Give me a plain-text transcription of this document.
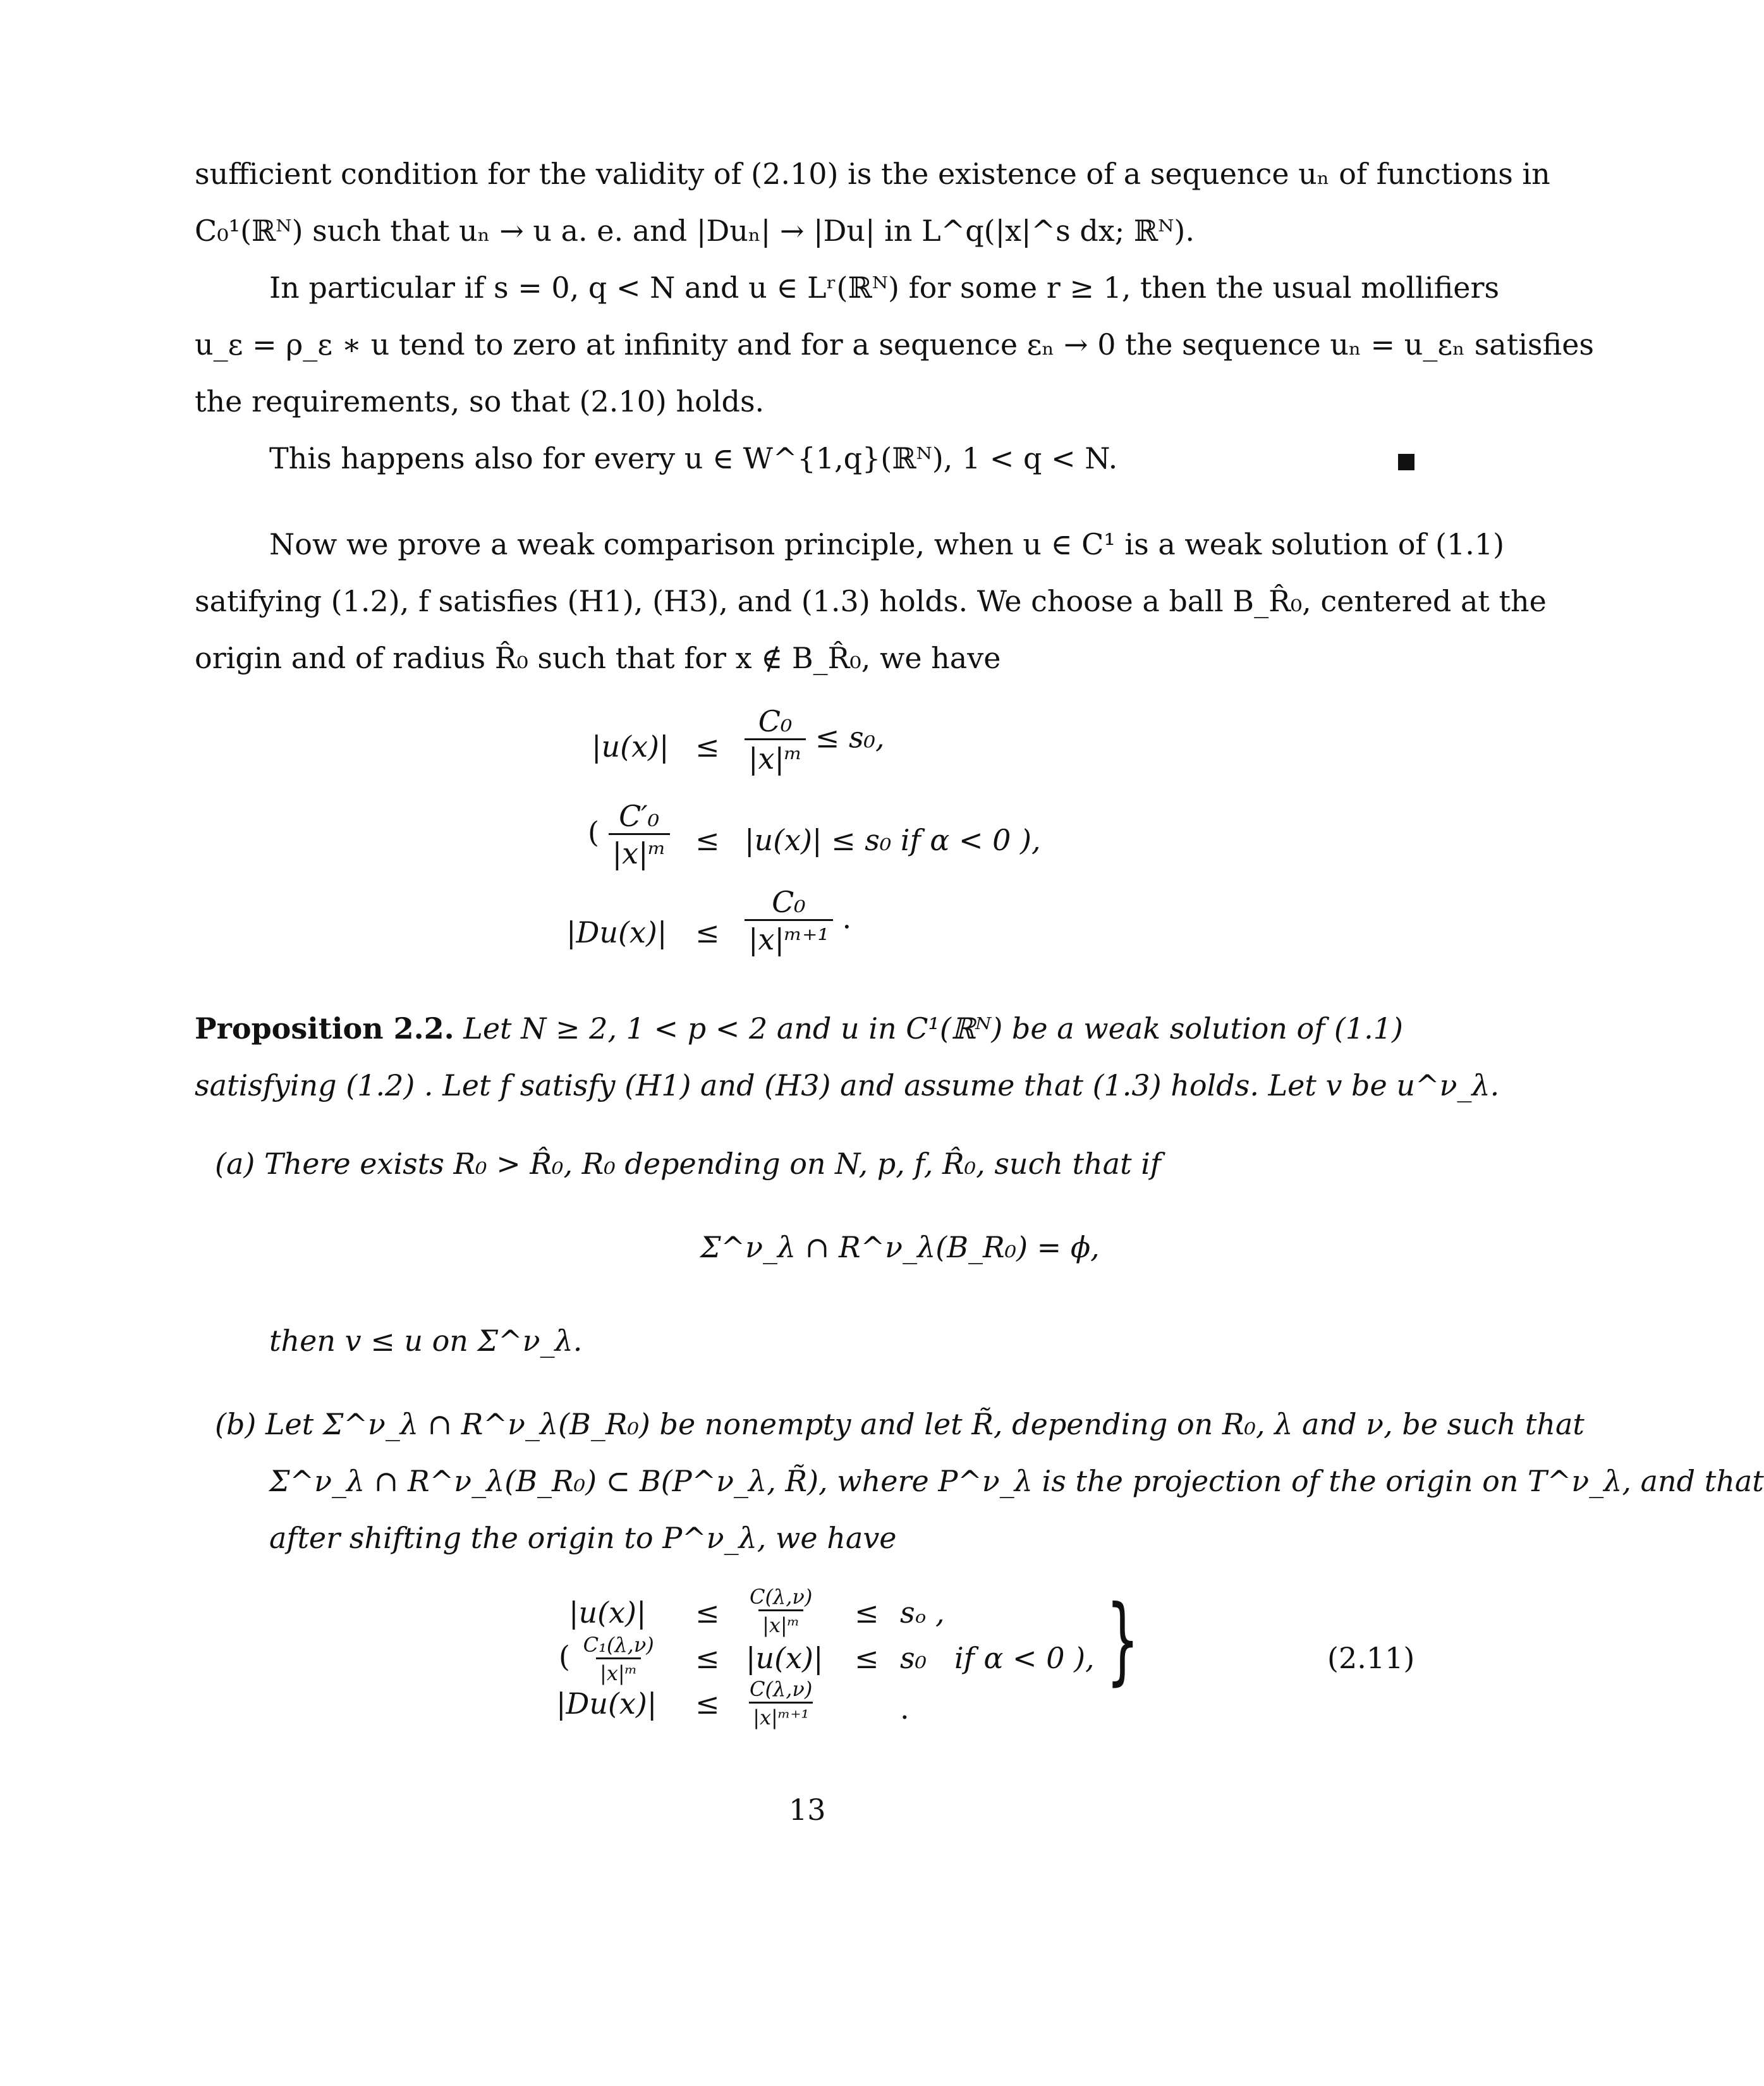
sufficient condition for the validity of (2.10) is the existence of a sequence uₙ of functions in
C₀¹(ℝᴺ) such that uₙ → u a. e. and |Duₙ| → |Du| in L^q(|x|^s dx; ℝᴺ).
In particular if s = 0, q < N and u ∈ Lʳ(ℝᴺ) for some r ≥ 1, then the usual mollifiers
u_ε = ρ_ε ∗ u tend to zero at infinity and for a sequence εₙ → 0 the sequence uₙ = u_εₙ satisfies
the requirements, so that (2.10) holds.
This happens also for every u ∈ W^{1,q}(ℝᴺ), 1 < q < N.
Now we prove a weak comparison principle, when u ∈ C¹ is a weak solution of (1.1)
satifying (1.2), f satisfies (H1), (H3), and (1.3) holds. We choose a ball B_R̂₀, centered at the
origin and of radius R̂₀ such that for x ∉ B_R̂₀, we have
$|u(x)| \le \frac{\text{C₀}}{\text{|x|ᵐ}} \le s_0$,
( $\frac{\text{C′₀}}{\text{|x|ᵐ}} \le |u(x)| \le s_0$ if α < 0 ),
$|Du(x)| \le \frac{\text{C₀}}{\text{|x|ᵐ⁺¹}}$ .
Proposition 2.2. Let N ≥ 2, 1 < p < 2 and u in C¹(ℝᴺ) be a weak solution of (1.1)
satisfying (1.2) . Let f satisfy (H1) and (H3) and assume that (1.3) holds. Let v be u^ν_λ.
(a) There exists R₀ > R̂₀, R₀ depending on N, p, f, R̂₀, such that if
Σ^ν_λ ∩ R^ν_λ(B_R₀) = ϕ,
then v ≤ u on Σ^ν_λ.
(b) Let Σ^ν_λ ∩ R^ν_λ(B_R₀) be nonempty and let R̃, depending on R₀, λ and ν, be such that
Σ^ν_λ ∩ R^ν_λ(B_R₀) ⊂ B(P^ν_λ, R̃), where P^ν_λ is the projection of the origin on T^ν_λ, and that
after shifting the origin to P^ν_λ, we have
$|u(x)| \le \frac{C(\lambda,\nu)}{\text{|x|ᵐ}} \le s_o$ ,
( $\frac{\text{C₁(λ,ν)}}{\text{|x|ᵐ}} \le |u(x)| \le s_0$ if α < 0 ),
$|Du(x)| \le \frac{C(\lambda,\nu)}{\text{|x|ᵐ⁺¹}}$	.
}	(2.11)
13
